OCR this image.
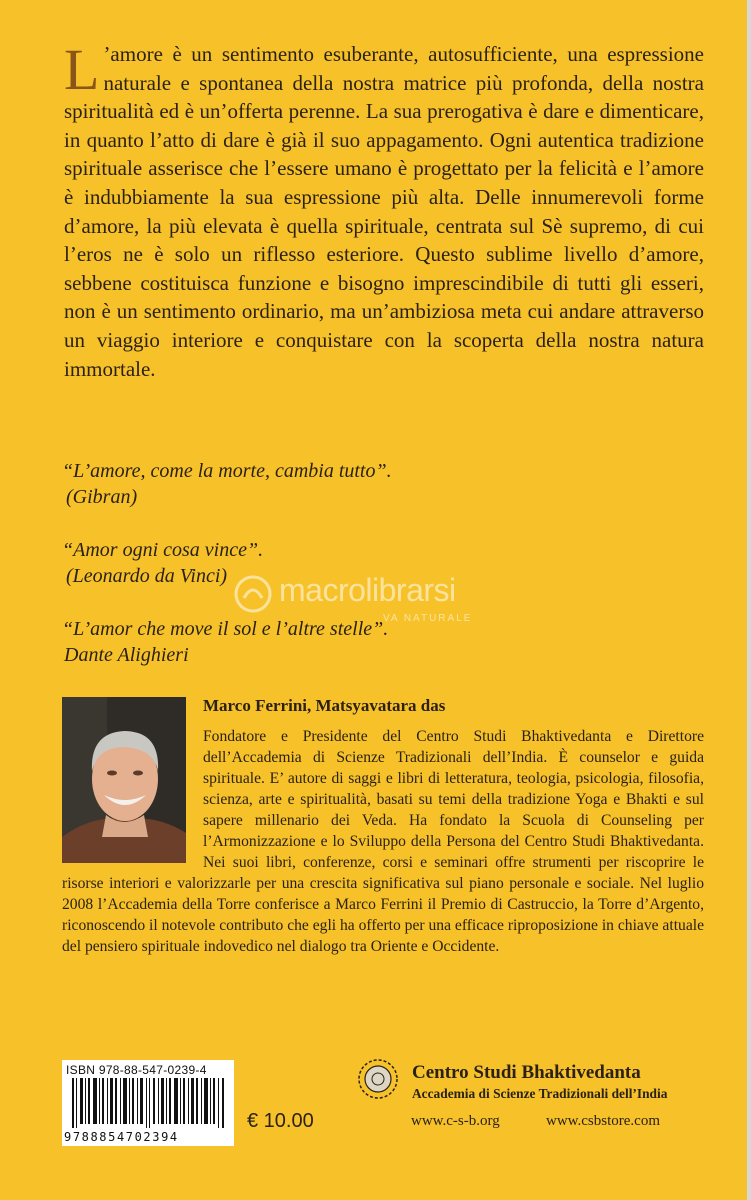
L ’amore è un sentimento esuberante, autosufficiente, una espressione naturale e spontanea della nostra matrice più profonda, della nostra spiritualità ed è un’offerta perenne. La sua prerogativa è dare e dimenticare, in quanto l’atto di dare è già il suo appagamento. Ogni autentica tradizione spirituale asserisce che l’essere umano è progettato per la felicità e l’amore è indubbiamente la sua espressione più alta. Delle innumerevoli forme d’amore, la più elevata è quella spirituale, centrata sul Sè supremo, di cui l’eros ne è solo un riflesso esteriore. Questo sublime livello d’amore, sebbene costituisca funzione e bisogno imprescindibile di tutti gli esseri, non è un sentimento ordinario, ma un’ambiziosa meta cui andare attraverso un viaggio interiore e conquistare con la scoperta della nostra natura immortale.
“L’amore, come la morte, cambia tutto”.
(Gibran)
“Amor ogni cosa vince”.
(Leonardo da Vinci)
“L’amor che move il sol e l’altre stelle”.
Dante Alighieri
macrolibrarsi
VA NATURALE
Marco Ferrini, Matsyavatara das
Fondatore e Presidente del Centro Studi Bhaktivedanta e Direttore dell’Accademia di Scienze Tradizionali dell’India. È counselor e guida spirituale. E’ autore di saggi e libri di letteratura, teologia, psicologia, filosofia, scienza, arte e spiritualità, basati su temi della tradizione Yoga e Bhakti e sul sapere millenario dei Veda. Ha fondato la Scuola di Counseling per l’Armonizzazione e lo Sviluppo della Persona del Centro Studi Bhaktivedanta. Nei suoi libri, conferenze, corsi e seminari offre strumenti per riscoprire le risorse interiori e valorizzarle per una crescita significativa sul piano personale e sociale. Nel luglio 2008 l’Accademia della Torre conferisce a Marco Ferrini il Premio di Castruccio, la Torre d’Argento, riconoscendo il notevole contributo che egli ha offerto per una efficace riproposizione in chiave attuale del pensiero spirituale indovedico nel dialogo tra Oriente e Occidente.
ISBN 978-88-547-0239-4
9788854702394
€ 10.00
Centro Studi Bhaktivedanta
Accademia di Scienze Tradizionali dell’India
www.c-s-b.org	www.csbstore.com
